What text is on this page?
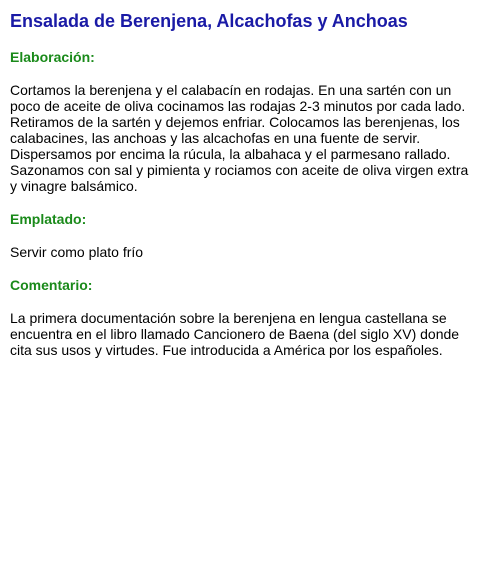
Ensalada de Berenjena, Alcachofas y Anchoas
Elaboración:
Cortamos la berenjena y el calabacín en rodajas. En una sartén con un poco de aceite de oliva cocinamos las rodajas 2-3 minutos por cada lado. Retiramos de la sartén y dejemos enfriar. Colocamos las berenjenas, los calabacines, las anchoas y las alcachofas en una fuente de servir. Dispersamos por encima la rúcula, la albahaca y el parmesano rallado. Sazonamos con sal y pimienta y rociamos con aceite de oliva virgen extra y vinagre balsámico.
Emplatado:
Servir como plato frío
Comentario:
La primera documentación sobre la berenjena en lengua castellana se encuentra en el libro llamado Cancionero de Baena (del siglo XV) donde cita sus usos y virtudes. Fue introducida a América por los españoles.
